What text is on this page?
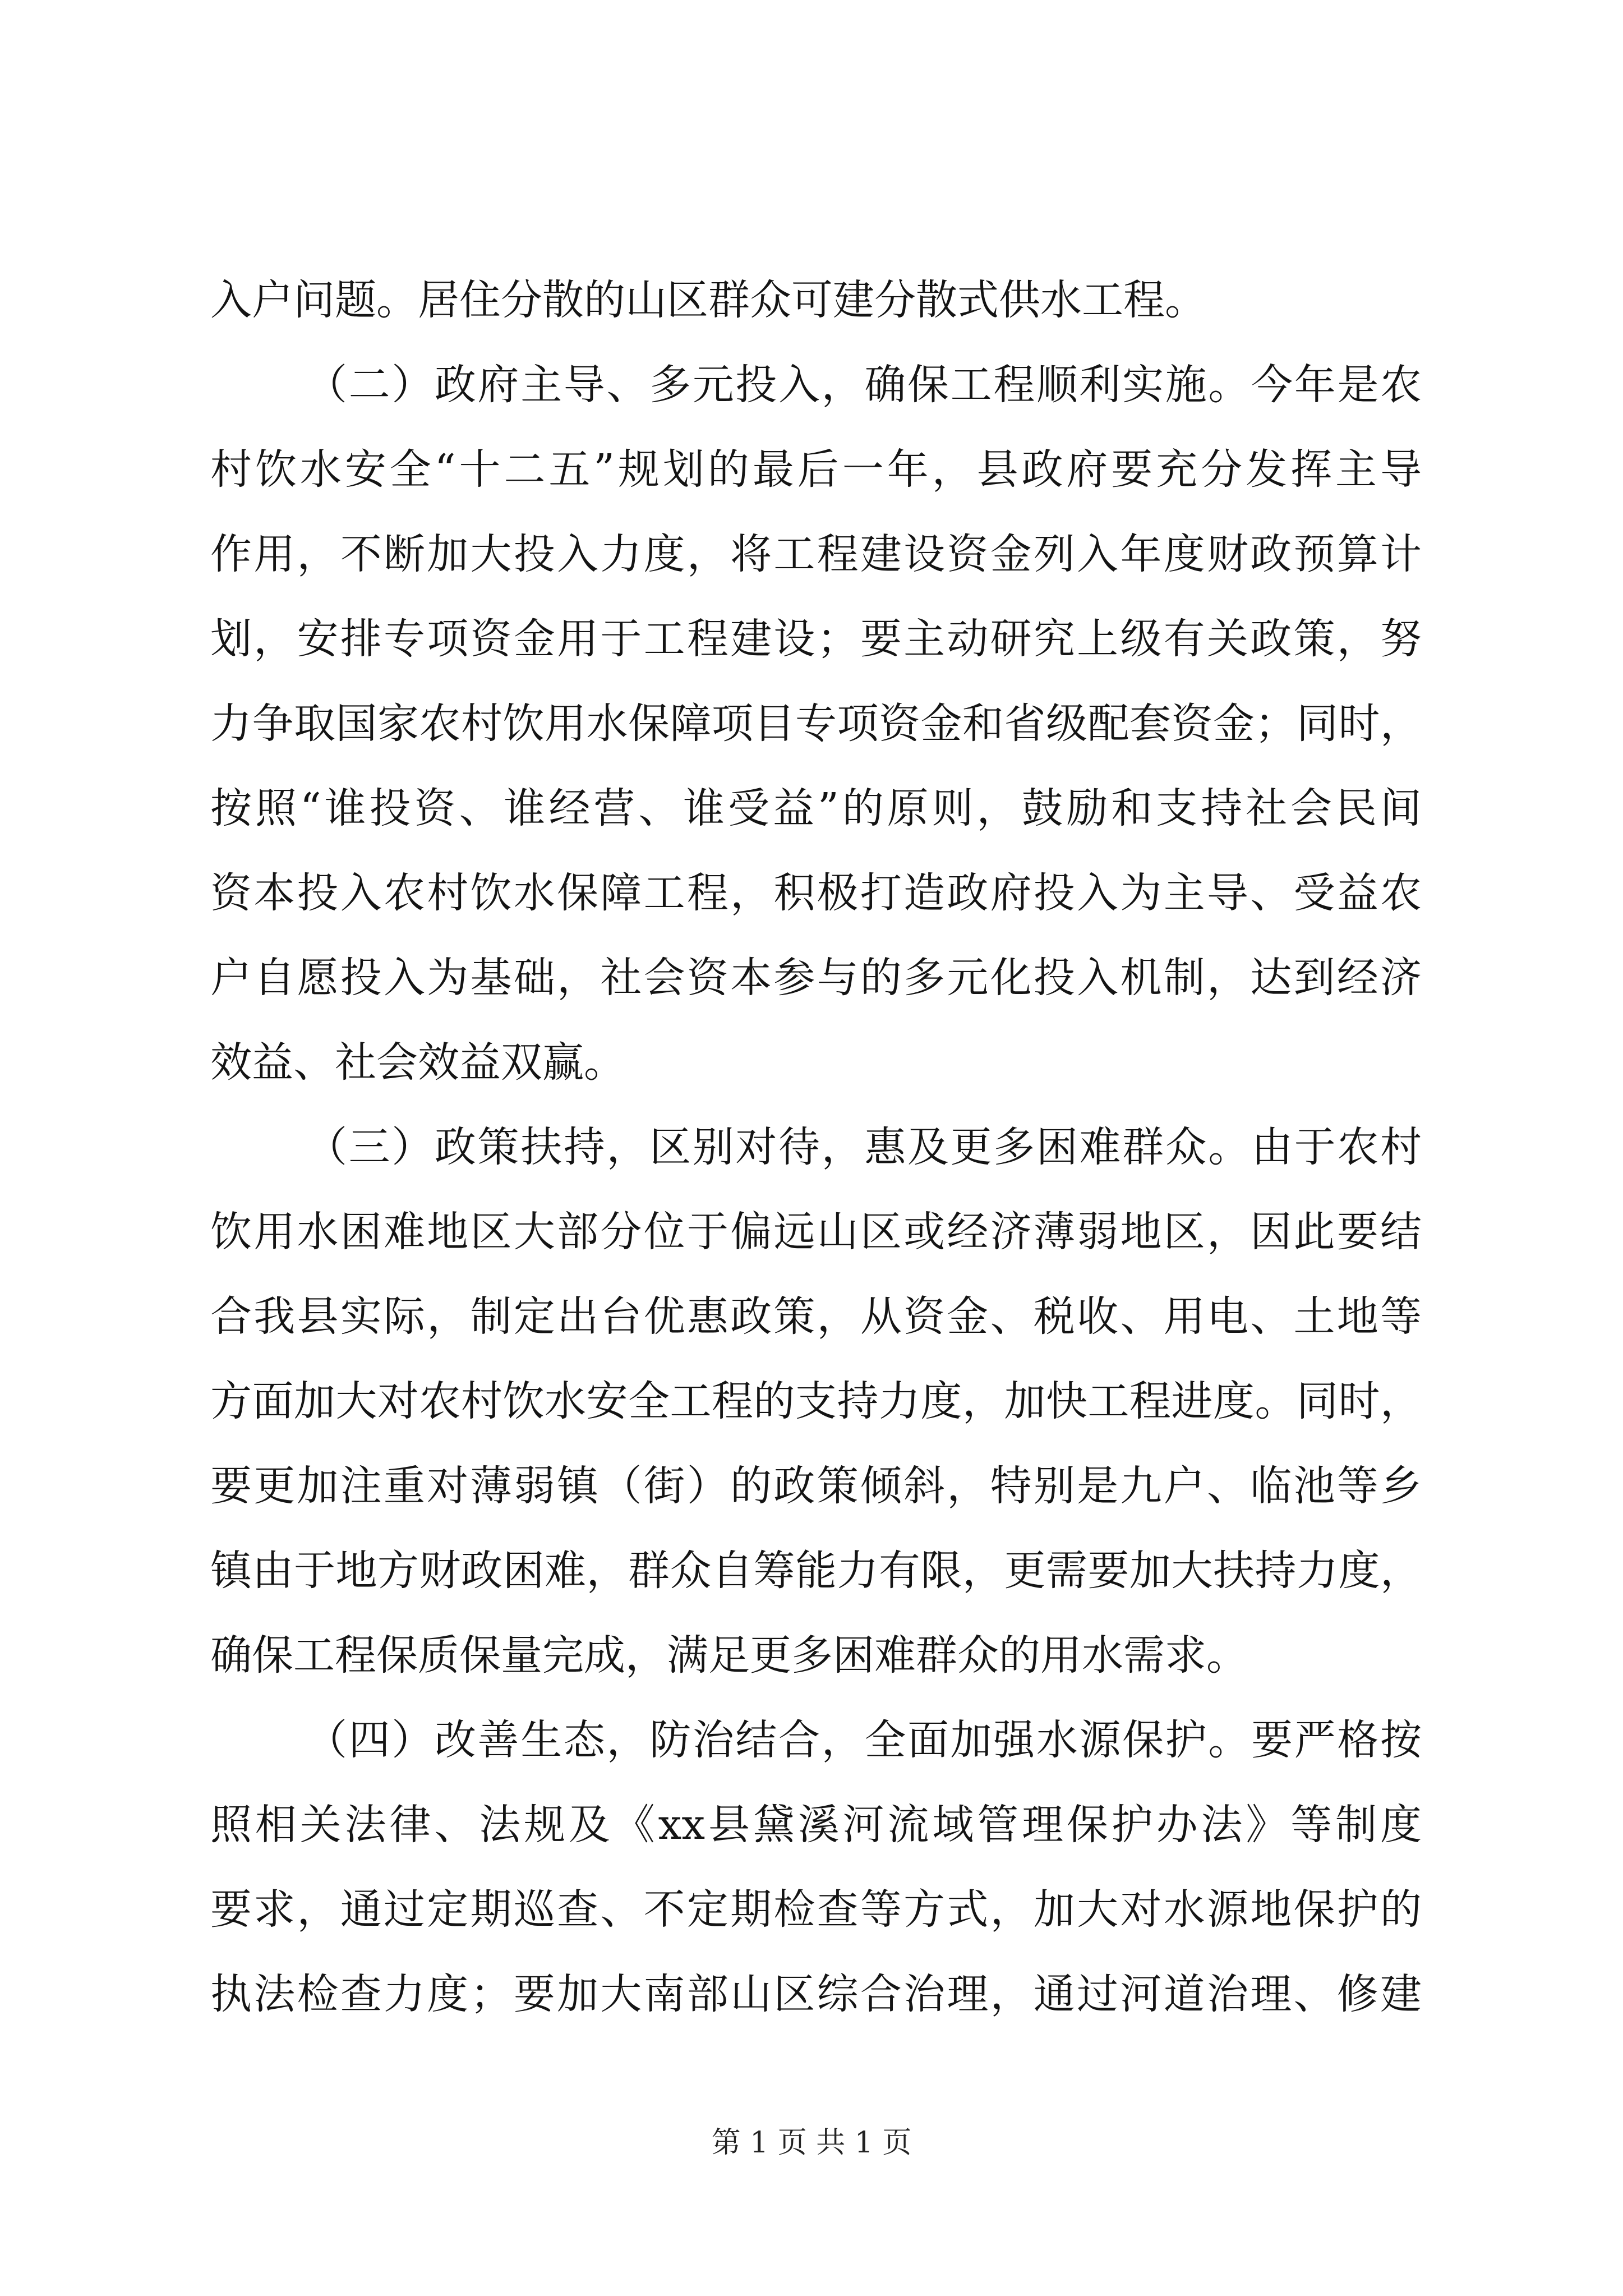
入户问题。居住分散的山区群众可建分散式供水工程。
（二）政府主导、多元投入，确保工程顺利实施。今年是农
村饮水安全“十二五”规划的最后一年，县政府要充分发挥主导
作用，不断加大投入力度，将工程建设资金列入年度财政预算计
划，安排专项资金用于工程建设；要主动研究上级有关政策，努
力争取国家农村饮用水保障项目专项资金和省级配套资金；同时，
按照“谁投资、谁经营、谁受益”的原则，鼓励和支持社会民间
资本投入农村饮水保障工程，积极打造政府投入为主导、受益农
户自愿投入为基础，社会资本参与的多元化投入机制，达到经济
效益、社会效益双赢。
（三）政策扶持，区别对待，惠及更多困难群众。由于农村
饮用水困难地区大部分位于偏远山区或经济薄弱地区，因此要结
合我县实际，制定出台优惠政策，从资金、税收、用电、土地等
方面加大对农村饮水安全工程的支持力度，加快工程进度。同时，
要更加注重对薄弱镇（街）的政策倾斜，特别是九户、临池等乡
镇由于地方财政困难，群众自筹能力有限，更需要加大扶持力度，
确保工程保质保量完成，满足更多困难群众的用水需求。
（四）改善生态，防治结合，全面加强水源保护。要严格按
照相关法律、法规及《xx县黛溪河流域管理保护办法》等制度
要求，通过定期巡查、不定期检查等方式，加大对水源地保护的
执法检查力度；要加大南部山区综合治理，通过河道治理、修建
第 1 页 共 1 页
